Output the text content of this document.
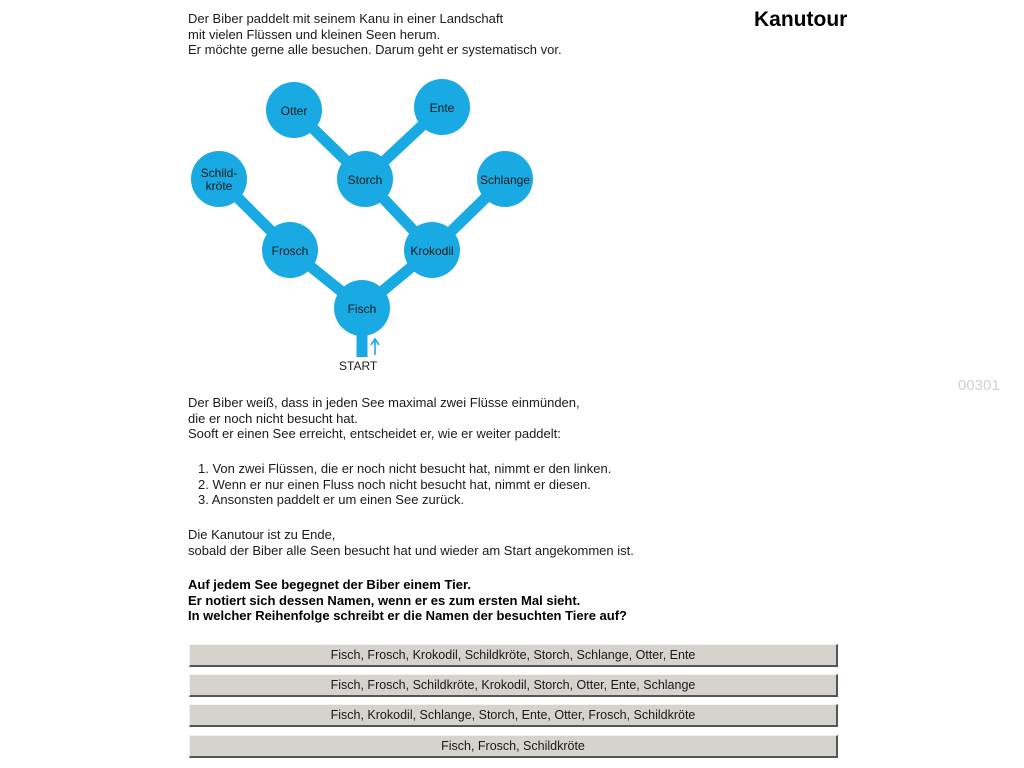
Kanutour
00301
Der Biber paddelt mit seinem Kanu in einer Landschaft
mit vielen Flüssen und kleinen Seen herum.
Er möchte gerne alle besuchen. Darum geht er systematisch vor.
Fisch
Frosch	Krokodil
Schild-
kröte	Storch	Schlange
Otter	Ente
START
Der Biber weiß, dass in jeden See maximal zwei Flüsse einmünden,
die er noch nicht besucht hat.
Sooft er einen See erreicht, entscheidet er, wie er weiter paddelt:
1. Von zwei Flüssen, die er noch nicht besucht hat, nimmt er den linken.
2. Wenn er nur einen Fluss noch nicht besucht hat, nimmt er diesen.
3. Ansonsten paddelt er um einen See zurück.
Die Kanutour ist zu Ende,
sobald der Biber alle Seen besucht hat und wieder am Start angekommen ist.
Auf jedem See begegnet der Biber einem Tier.
Er notiert sich dessen Namen, wenn er es zum ersten Mal sieht.
In welcher Reihenfolge schreibt er die Namen der besuchten Tiere auf?
Fisch, Frosch, Krokodil, Schildkröte, Storch, Schlange, Otter, Ente
Fisch, Frosch, Schildkröte, Krokodil, Storch, Otter, Ente, Schlange
Fisch, Krokodil, Schlange, Storch, Ente, Otter, Frosch, Schildkröte
Fisch, Frosch, Schildkröte
